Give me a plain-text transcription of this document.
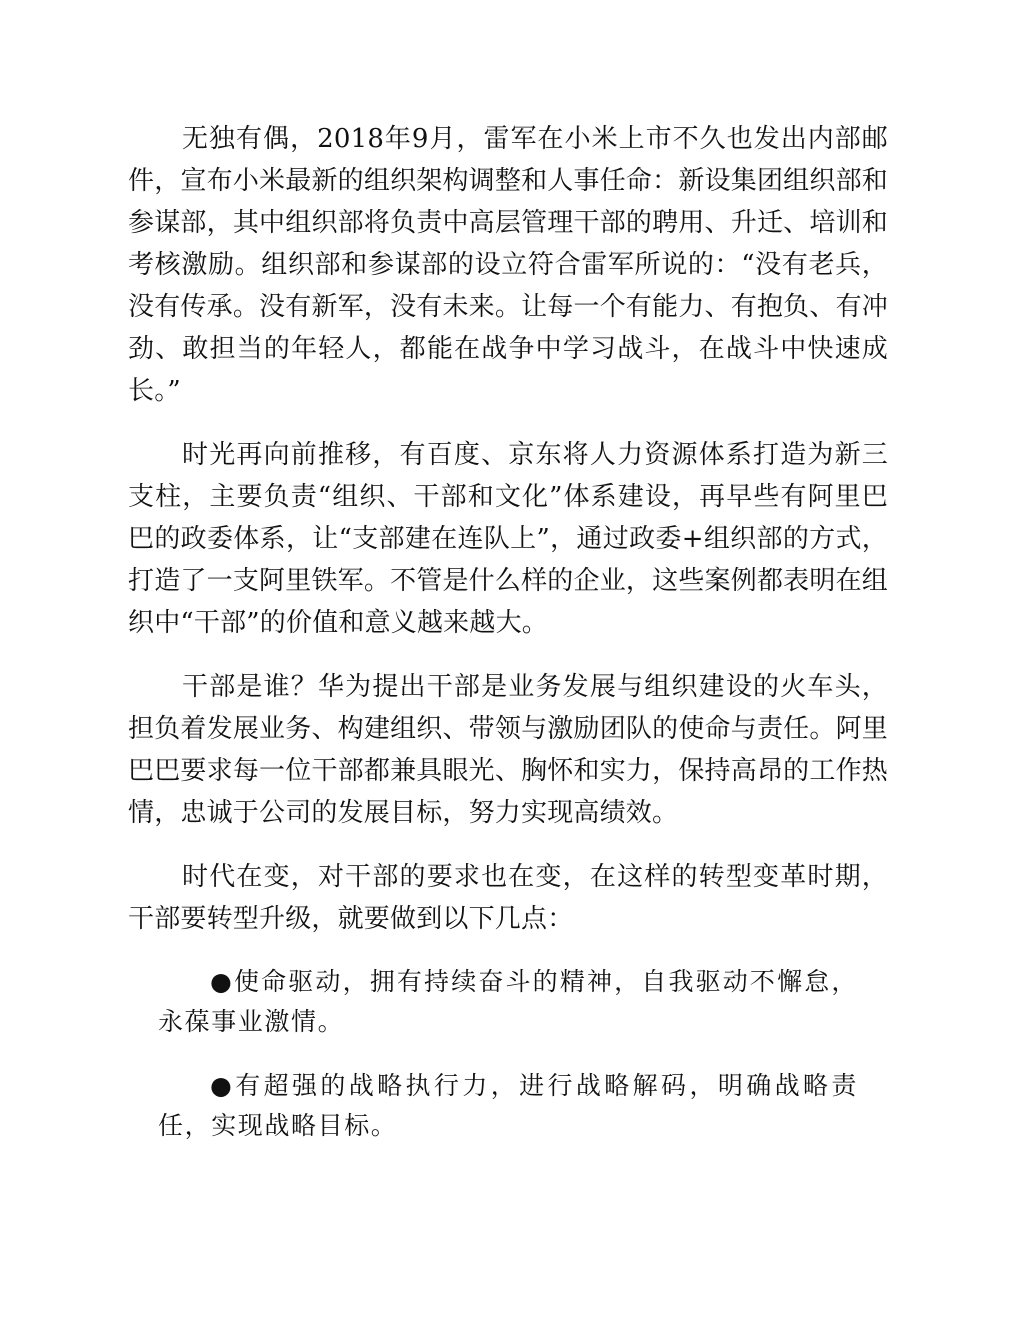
无独有偶，2018年9月，雷军在小米上市不久也发出内部邮件，宣布小米最新的组织架构调整和人事任命：新设集团组织部和参谋部，其中组织部将负责中高层管理干部的聘用、升迁、培训和考核激励。组织部和参谋部的设立符合雷军所说的：“没有老兵，没有传承。没有新军，没有未来。让每一个有能力、有抱负、有冲劲、敢担当的年轻人，都能在战争中学习战斗，在战斗中快速成长。”

时光再向前推移，有百度、京东将人力资源体系打造为新三支柱，主要负责“组织、干部和文化”体系建设，再早些有阿里巴巴的政委体系，让“支部建在连队上”，通过政委+组织部的方式，打造了一支阿里铁军。不管是什么样的企业，这些案例都表明在组织中“干部”的价值和意义越来越大。

干部是谁？华为提出干部是业务发展与组织建设的火车头，担负着发展业务、构建组织、带领与激励团队的使命与责任。阿里巴巴要求每一位干部都兼具眼光、胸怀和实力，保持高昂的工作热情，忠诚于公司的发展目标，努力实现高绩效。

时代在变，对干部的要求也在变，在这样的转型变革时期，干部要转型升级，就要做到以下几点：

●使命驱动，拥有持续奋斗的精神，自我驱动不懈怠，永葆事业激情。

●有超强的战略执行力，进行战略解码，明确战略责任，实现战略目标。
